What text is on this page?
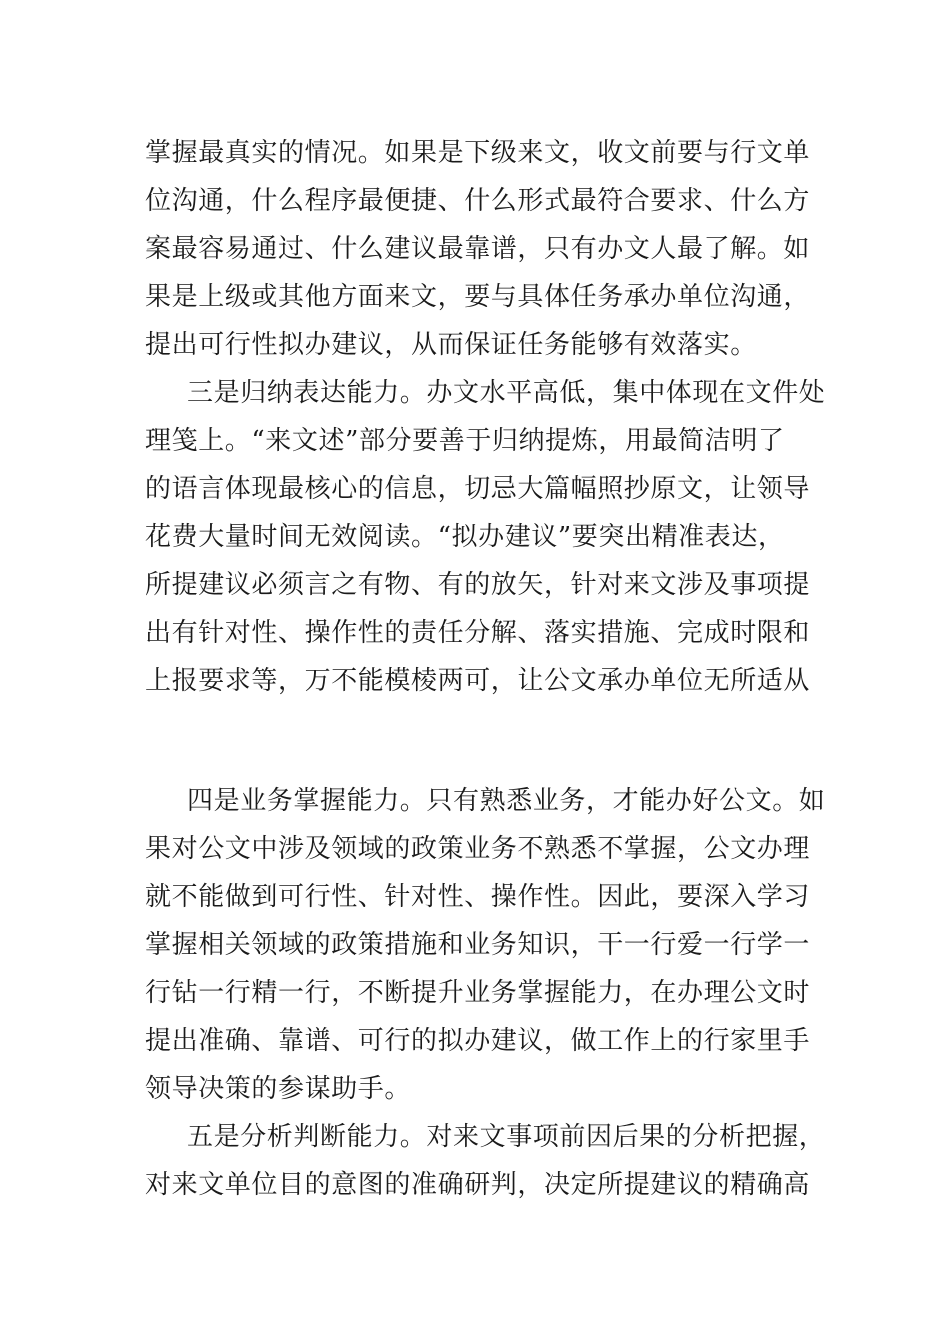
掌握最真实的情况。如果是下级来文，收文前要与行文单
位沟通，什么程序最便捷、什么形式最符合要求、什么方
案最容易通过、什么建议最靠谱，只有办文人最了解。如
果是上级或其他方面来文，要与具体任务承办单位沟通，
提出可行性拟办建议，从而保证任务能够有效落实。
三是归纳表达能力。办文水平高低，集中体现在文件处
理笺上。“来文述”部分要善于归纳提炼，用最简洁明了
的语言体现最核心的信息，切忌大篇幅照抄原文，让领导
花费大量时间无效阅读。“拟办建议”要突出精准表达，
所提建议必须言之有物、有的放矢，针对来文涉及事项提
出有针对性、操作性的责任分解、落实措施、完成时限和
上报要求等，万不能模棱两可，让公文承办单位无所适从
四是业务掌握能力。只有熟悉业务，才能办好公文。如
果对公文中涉及领域的政策业务不熟悉不掌握，公文办理
就不能做到可行性、针对性、操作性。因此，要深入学习
掌握相关领域的政策措施和业务知识，干一行爱一行学一
行钻一行精一行，不断提升业务掌握能力，在办理公文时
提出准确、靠谱、可行的拟办建议，做工作上的行家里手
领导决策的参谋助手。
五是分析判断能力。对来文事项前因后果的分析把握，
对来文单位目的意图的准确研判，决定所提建议的精确高
